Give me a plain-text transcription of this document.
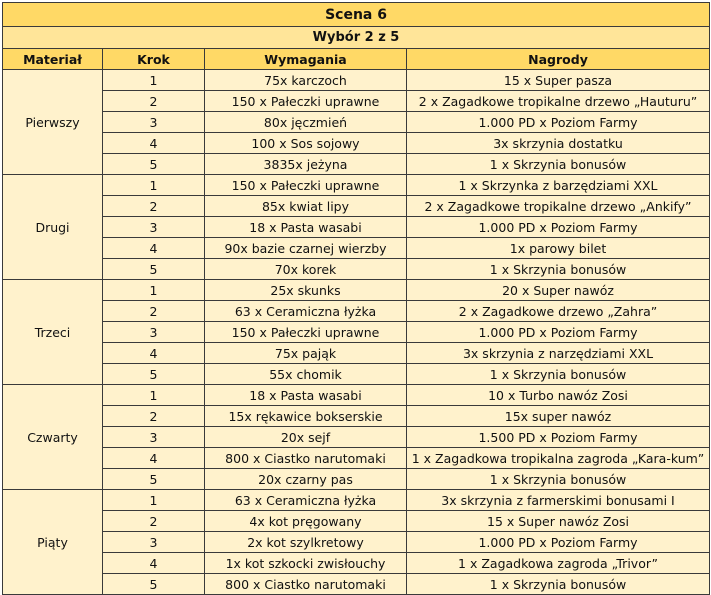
Scena 6			
Wybór 2 z 5			
Materiał	Krok	Wymagania	Nagrody
Pierwszy	1	75x karczoch	15 x Super pasza
	2	150 x Pałeczki uprawne	2 x Zagadkowe tropikalne drzewo „Hauturu”
	3	80x jęczmień	1.000 PD x Poziom Farmy
	4	100 x Sos sojowy	3x skrzynia dostatku
	5	3835x jeżyna	1 x Skrzynia bonusów
Drugi	1	150 x Pałeczki uprawne	1 x Skrzynka z barzędziami XXL
	2	85x kwiat lipy	2 x Zagadkowe tropikalne drzewo „Ankify”
	3	18 x Pasta wasabi	1.000 PD x Poziom Farmy
	4	90x bazie czarnej wierzby	1x parowy bilet
	5	70x korek	1 x Skrzynia bonusów
Trzeci	1	25x skunks	20 x Super nawóz
	2	63 x Ceramiczna łyżka	2 x Zagadkowe drzewo „Zahra”
	3	150 x Pałeczki uprawne	1.000 PD x Poziom Farmy
	4	75x pająk	3x skrzynia z narzędziami XXL
	5	55x chomik	1 x Skrzynia bonusów
Czwarty	1	18 x Pasta wasabi	10 x Turbo nawóz Zosi
	2	15x rękawice bokserskie	15x super nawóz
	3	20x sejf	1.500 PD x Poziom Farmy
	4	800 x Ciastko narutomaki	1 x Zagadkowa tropikalna zagroda „Kara-kum”
	5	20x czarny pas	1 x Skrzynia bonusów
Piąty	1	63 x Ceramiczna łyżka	3x skrzynia z farmerskimi bonusami I
	2	4x kot pręgowany	15 x Super nawóz Zosi
	3	2x kot szylkretowy	1.000 PD x Poziom Farmy
	4	1x kot szkocki zwisłouchy	1 x Zagadkowa zagroda „Trivor”
	5	800 x Ciastko narutomaki	1 x Skrzynia bonusów
